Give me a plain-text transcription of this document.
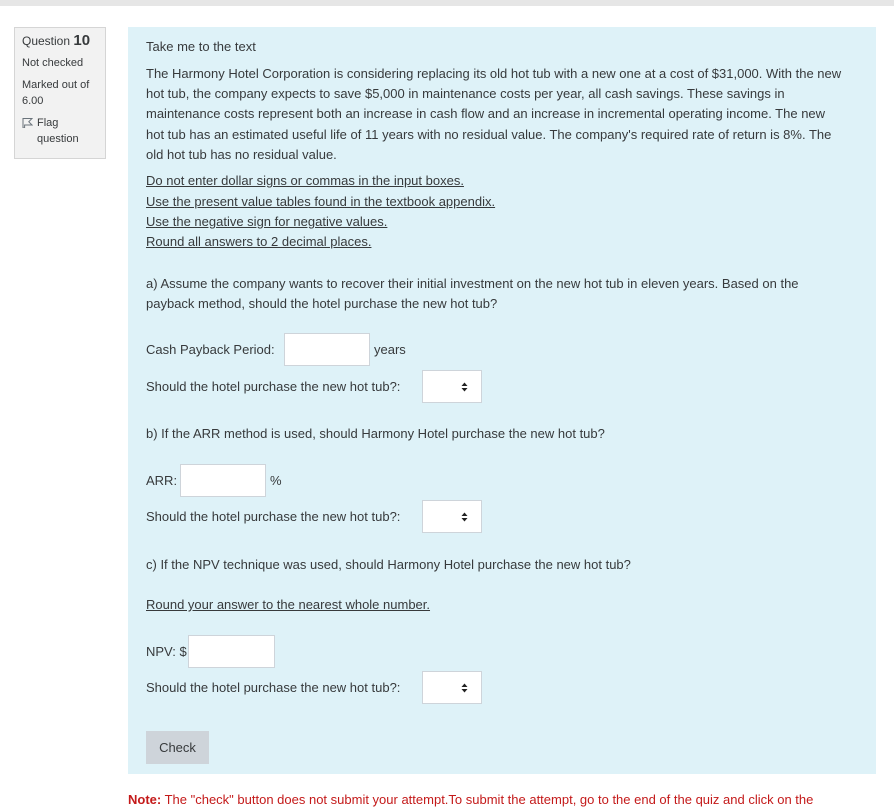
Question 10
Not checked
Marked out of 6.00
Flag question
Take me to the text
The Harmony Hotel Corporation is considering replacing its old hot tub with a new one at a cost of $31,000. With the new hot tub, the company expects to save $5,000 in maintenance costs per year, all cash savings. These savings in maintenance costs represent both an increase in cash flow and an increase in incremental operating income. The new hot tub has an estimated useful life of 11 years with no residual value. The company's required rate of return is 8%. The old hot tub has no residual value.
Do not enter dollar signs or commas in the input boxes.
Use the present value tables found in the textbook appendix.
Use the negative sign for negative values.
Round all answers to 2 decimal places.
a) Assume the company wants to recover their initial investment on the new hot tub in eleven years. Based on the payback method, should the hotel purchase the new hot tub?
Cash Payback Period:	years
Should the hotel purchase the new hot tub?:
b) If the ARR method is used, should Harmony Hotel purchase the new hot tub?
ARR:	%
Should the hotel purchase the new hot tub?:
c) If the NPV technique was used, should Harmony Hotel purchase the new hot tub?
Round your answer to the nearest whole number.
NPV: $
Should the hotel purchase the new hot tub?:
Check
Note: The "check" button does not submit your attempt.To submit the attempt, go to the end of the quiz and click on the
